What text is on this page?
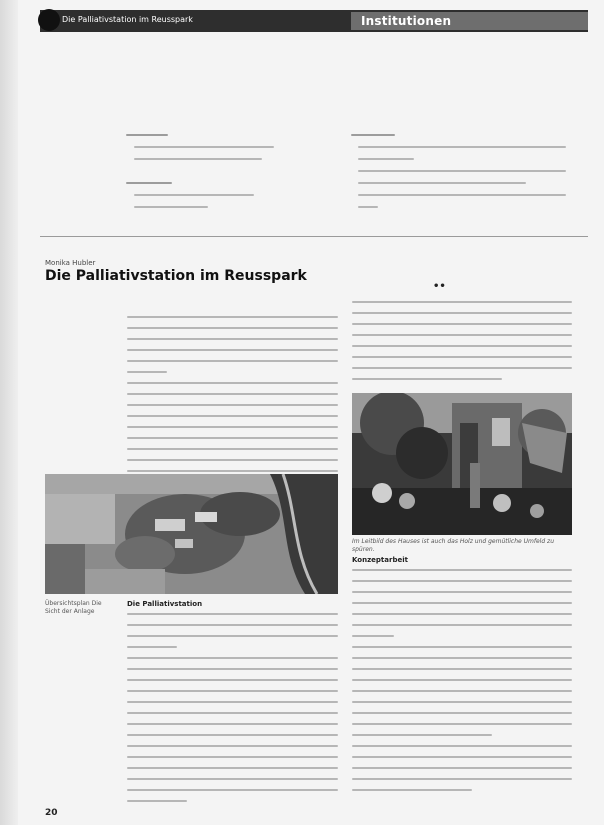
Die Palliativstation im Reusspark	Institutionen
Monika Hubler
Die Palliativstation im Reusspark
••
Im Leitbild des Hauses ist auch das Holz und gemütliche Umfeld zu spüren.
Konzeptarbeit
Übersichtsplan Die Sicht der Anlage
Die Palliativstation
20
